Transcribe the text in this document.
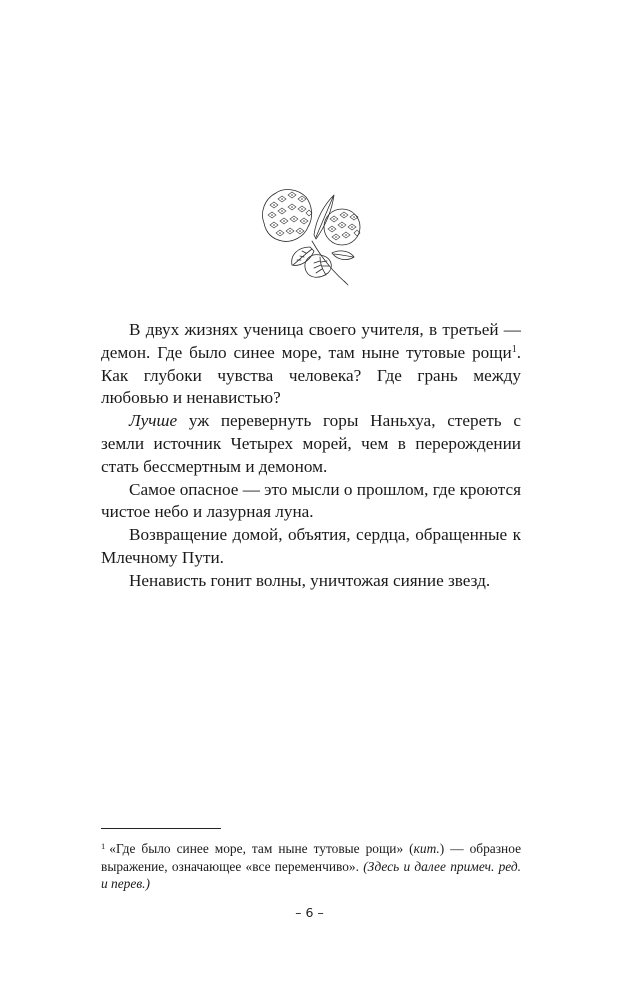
В двух жизнях ученица своего учителя, в третьей — демон. Где было синее море, там ныне тутовые рощи$^1$. Как глубоки чувства человека? Где грань между любовью и ненавистью?

Лучше уж перевернуть горы Наньхуа, стереть с земли источник Четырех морей, чем в перерождении стать бессмертным и демоном.

Самое опасное — это мысли о прошлом, где кроются чистое небо и лазурная луна.

Возвращение домой, объятия, сердца, обращенные к Млечному Пути.

Ненависть гонит волны, уничтожая сияние звезд.

$^1$ «Где было синее море, там ныне тутовые рощи» (кит.) — образное выражение, означающее «все переменчиво». (Здесь и далее примеч. ред. и перев.)
– 6 –
